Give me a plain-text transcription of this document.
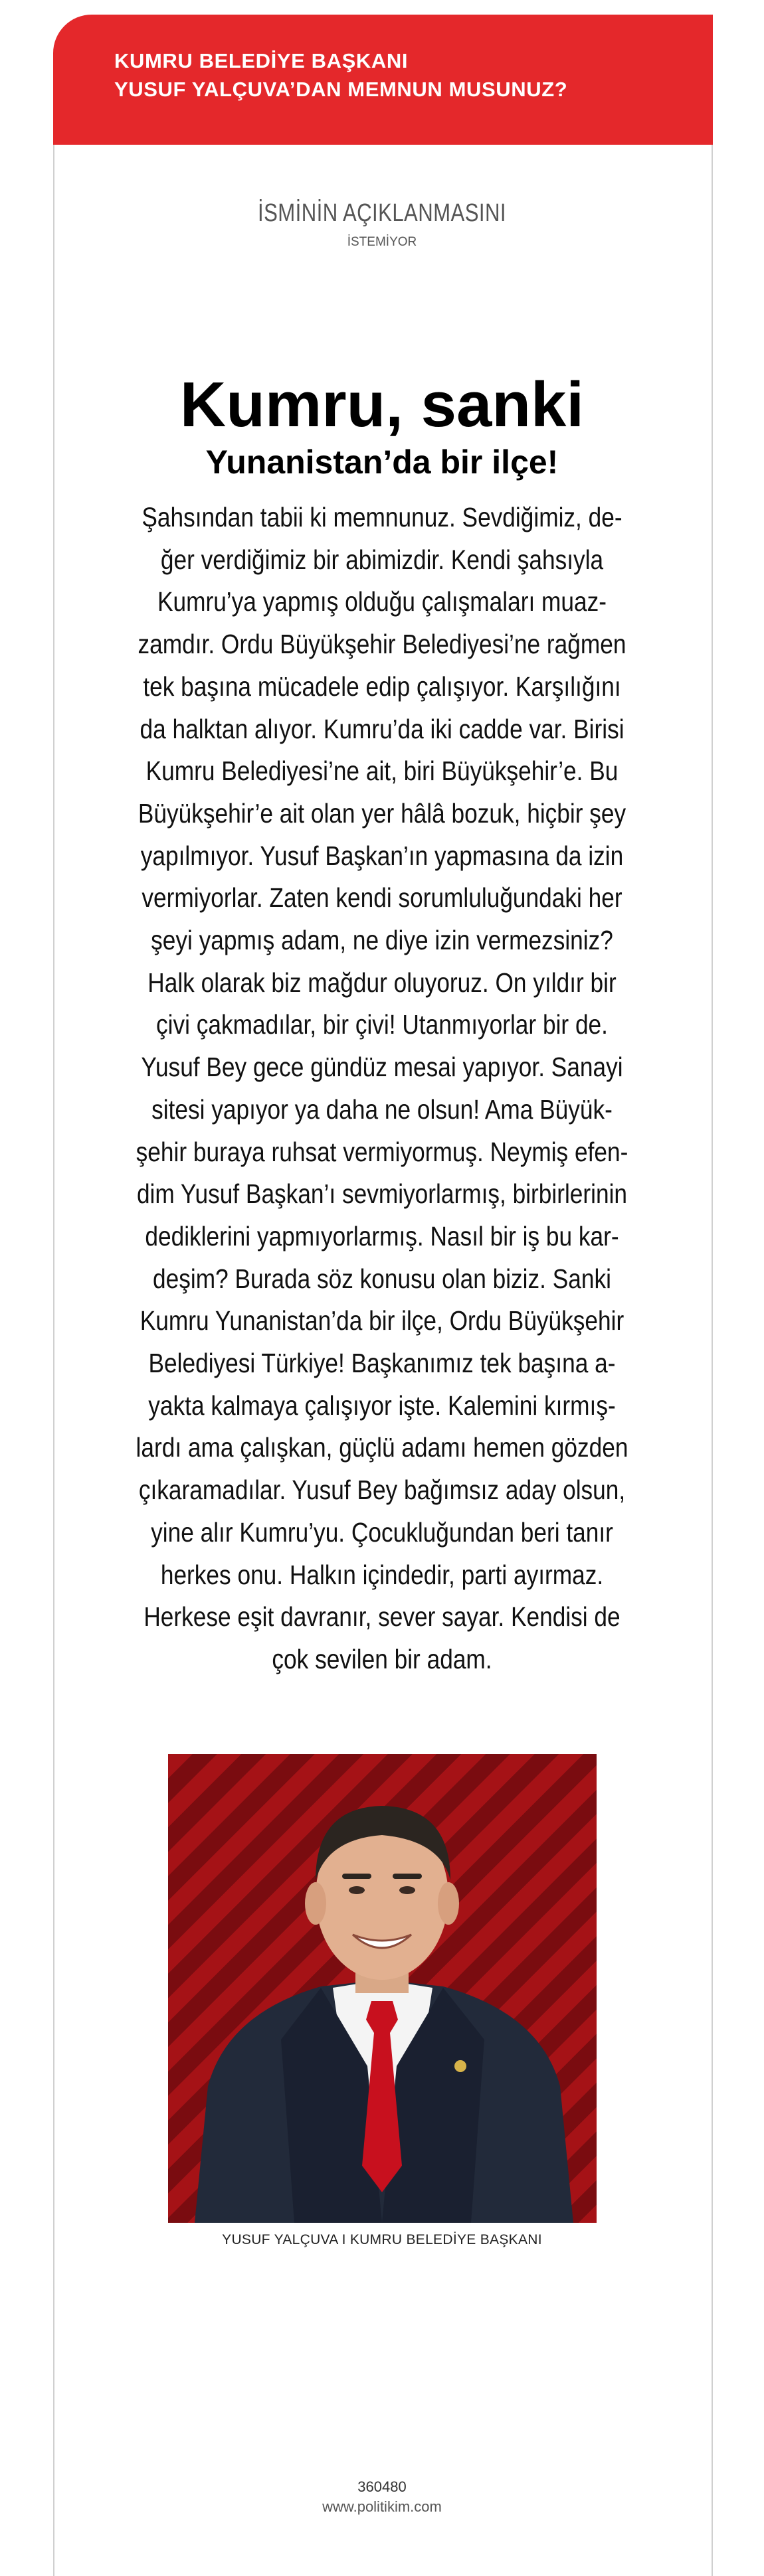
KUMRU BELEDİYE BAŞKANI
YUSUF YALÇUVA’DAN MEMNUN MUSUNUZ?
İSMİNİN AÇIKLANMASINI
İSTEMİYOR
Kumru, sanki
Yunanistan’da bir ilçe!
Şahsından tabii ki memnunuz. Sevdiğimiz, de-
ğer verdiğimiz bir abimizdir. Kendi şahsıyla
Kumru’ya yapmış olduğu çalışmaları muaz-
zamdır. Ordu Büyükşehir Belediyesi’ne rağmen
tek başına mücadele edip çalışıyor. Karşılığını
da halktan alıyor. Kumru’da iki cadde var. Birisi
Kumru Belediyesi’ne ait, biri Büyükşehir’e. Bu
Büyükşehir’e ait olan yer hâlâ bozuk, hiçbir şey
yapılmıyor. Yusuf Başkan’ın yapmasına da izin
vermiyorlar. Zaten kendi sorumluluğundaki her
şeyi yapmış adam, ne diye izin vermezsiniz?
Halk olarak biz mağdur oluyoruz. On yıldır bir
çivi çakmadılar, bir çivi! Utanmıyorlar bir de.
Yusuf Bey gece gündüz mesai yapıyor. Sanayi
sitesi yapıyor ya daha ne olsun! Ama Büyük-
şehir buraya ruhsat vermiyormuş. Neymiş efen-
dim Yusuf Başkan’ı sevmiyorlarmış, birbirlerinin
dediklerini yapmıyorlarmış. Nasıl bir iş bu kar-
deşim? Burada söz konusu olan biziz. Sanki
Kumru Yunanistan’da bir ilçe, Ordu Büyükşehir
Belediyesi Türkiye! Başkanımız tek başına a-
yakta kalmaya çalışıyor işte. Kalemini kırmış-
lardı ama çalışkan, güçlü adamı hemen gözden
çıkaramadılar. Yusuf Bey bağımsız aday olsun,
yine alır Kumru’yu. Çocukluğundan beri tanır
herkes onu. Halkın içindedir, parti ayırmaz.
Herkese eşit davranır, sever sayar. Kendisi de
çok sevilen bir adam.
YUSUF YALÇUVA I KUMRU BELEDİYE BAŞKANI
360480
www.politikim.com
